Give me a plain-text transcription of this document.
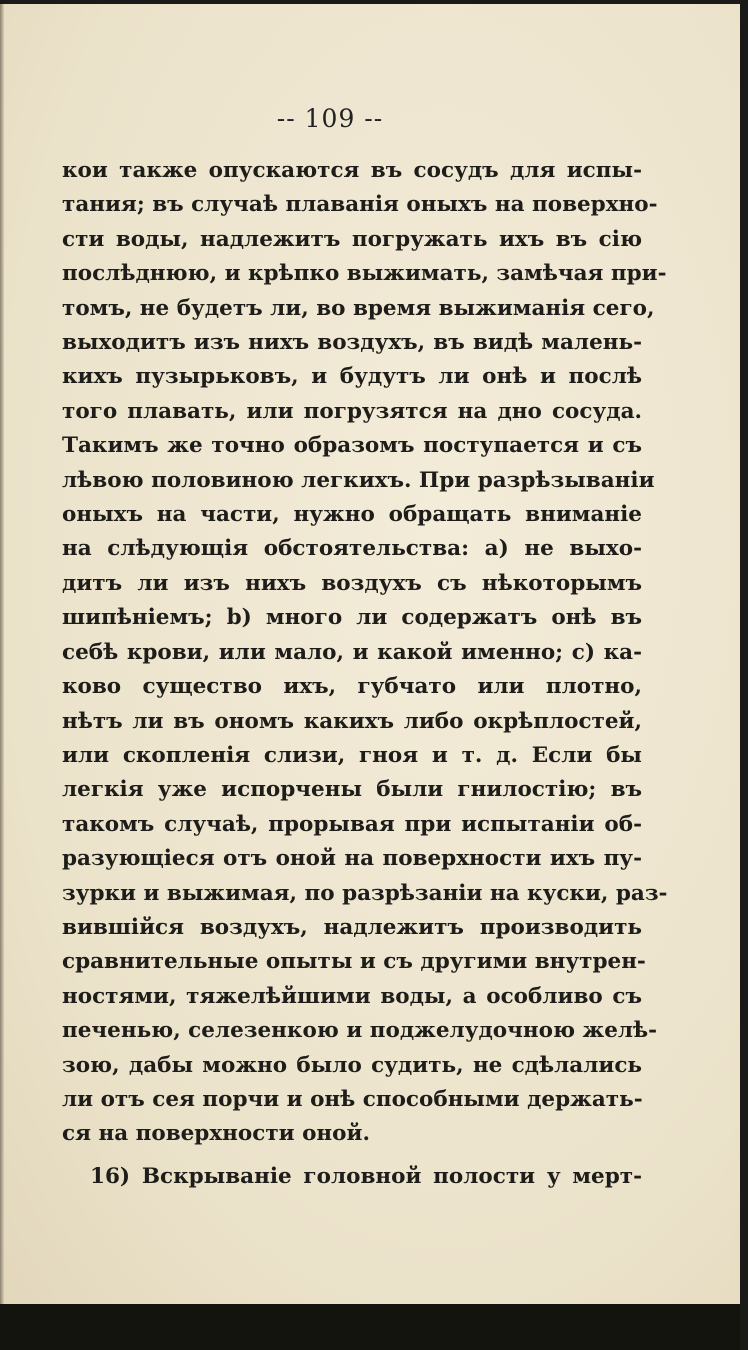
-- 109 --
кои также опускаются въ сосудъ для испы-
тания; въ случаѣ плаванія оныхъ на поверхно-
сти воды, надлежитъ погружать ихъ въ сію
послѣднюю, и крѣпко выжимать, замѣчая при-
томъ, не будетъ ли, во время выжиманія сего,
выходитъ изъ нихъ воздухъ, въ видѣ малень-
кихъ пузырьковъ, и будутъ ли онѣ и послѣ
того плавать, или погрузятся на дно сосуда.
Такимъ же точно образомъ поступается и съ
лѣвою половиною легкихъ. При разрѣзываніи
оныхъ на части, нужно обращать вниманіе
на слѣдующія обстоятельства: а) не выхо-
дитъ ли изъ нихъ воздухъ съ нѣкоторымъ
шипѣніемъ; b) много ли содержатъ онѣ въ
себѣ крови, или мало, и какой именно; с) ка-
ково существо ихъ, губчато или плотно,
нѣтъ ли въ ономъ какихъ либо окрѣплостей,
или скопленія слизи, гноя и т. д. Если бы
легкія уже испорчены были гнилостію; въ
такомъ случаѣ, прорывая при испытаніи об-
разующіеся отъ оной на поверхности ихъ пу-
зурки и выжимая, по разрѣзаніи на куски, раз-
вившійся воздухъ, надлежитъ производить
сравнительные опыты и съ другими внутрен-
ностями, тяжелѣйшими воды, а особливо съ
печенью, селезенкою и поджелудочною желѣ-
зою, дабы можно было судить, не сдѣлались
ли отъ сея порчи и онѣ способными держать-
ся на поверхности оной.
16) Вскрываніе головной полости у мерт-
